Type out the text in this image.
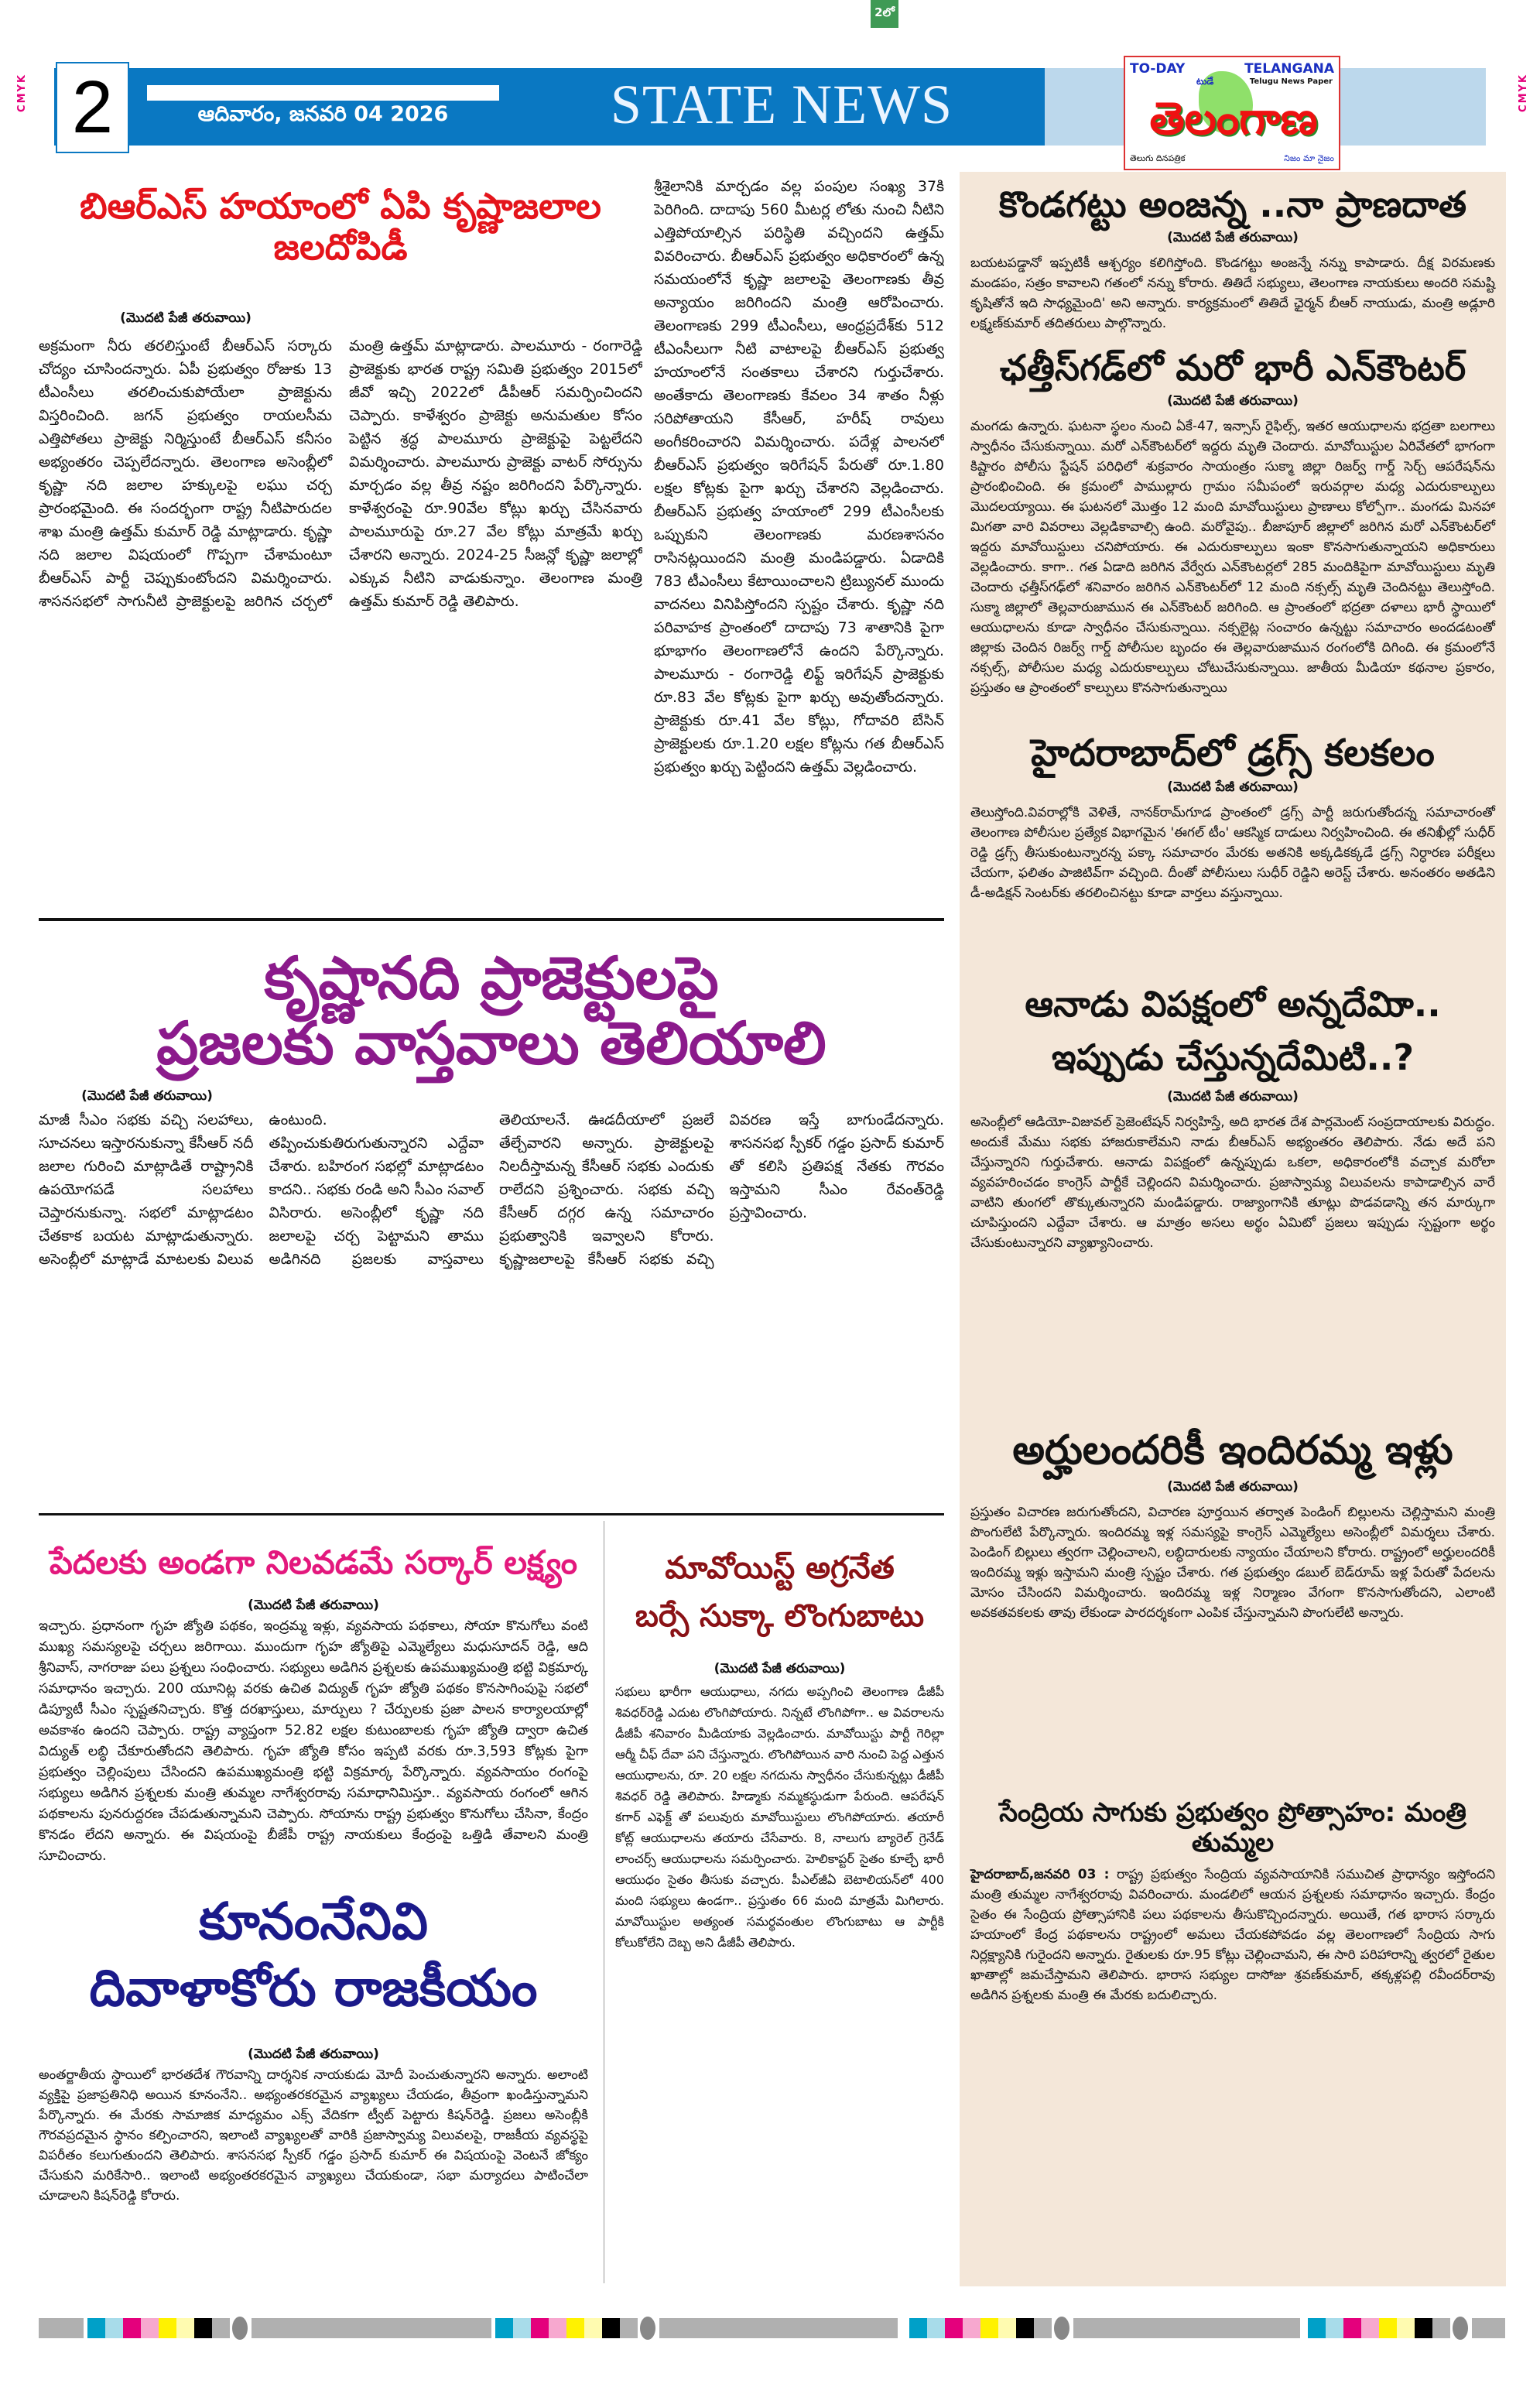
2లో
CMYK	CMYK
2	ఆదివారం, జనవరి 04 2026	STATE NEWS
TO-DAY	TELANGANA
Telugu News Paper
టుడే
తెలంగాణ
తెలుగు దినపత్రిక	నిజం మా నైజం
బిఆర్ఎస్ హయాంలో ఏపి కృష్ణాజలాల జలదోపిడీ
(మొదటి పేజీ తరువాయి)
అక్రమంగా నీరు తరలిస్తుంటే బీఆర్ఎస్ సర్కారు చోద్యం చూసిందన్నారు. ఏపీ ప్రభుత్వం రోజుకు 13 టీఎంసీలు తరలించుకుపోయేలా ప్రాజెక్టును విస్తరించింది. జగన్ ప్రభుత్వం రాయలసీమ ఎత్తిపోతలు ప్రాజెక్టు నిర్మిస్తుంటే బీఆర్ఎస్ కనీసం అభ్యంతరం చెప్పలేదన్నారు. తెలంగాణ అసెంబ్లీలో కృష్ణా నది జలాల హక్కులపై లఘు చర్చ ప్రారంభమైంది. ఈ సందర్భంగా రాష్ట్ర నీటిపారుదల శాఖ మంత్రి ఉత్తమ్ కుమార్ రెడ్డి మాట్లాడారు. కృష్ణా నది జలాల విషయంలో గొప్పగా చేశామంటూ బీఆర్ఎస్ పార్టీ చెప్పుకుంటోందని విమర్శించారు. శాసనసభలో సాగునీటి ప్రాజెక్టులపై జరిగిన చర్చలో మంత్రి ఉత్తమ్ మాట్లాడారు. పాలమూరు - రంగారెడ్డి ప్రాజెక్టుకు భారత రాష్ట్ర సమితి ప్రభుత్వం 2015లో జీవో ఇచ్చి 2022లో డీపీఆర్ సమర్పించిందని చెప్పారు. కాళేశ్వరం ప్రాజెక్టు అనుమతుల కోసం పెట్టిన శ్రద్ధ పాలమూరు ప్రాజెక్టుపై పెట్టలేదని విమర్శించారు. పాలమూరు ప్రాజెక్టు వాటర్ సోర్సును మార్చడం వల్ల తీవ్ర నష్టం జరిగిందని పేర్కొన్నారు. కాళేశ్వరంపై రూ.90వేల కోట్లు ఖర్చు చేసినవారు పాలమూరుపై రూ.27 వేల కోట్లు మాత్రమే ఖర్చు చేశారని అన్నారు. 2024-25 సీజన్లో కృష్ణా జలాల్లో ఎక్కువ నీటిని వాడుకున్నాం. తెలంగాణ మంత్రి ఉత్తమ్ కుమార్ రెడ్డి తెలిపారు.
శ్రీశైలానికి మార్చడం వల్ల పంపుల సంఖ్య 37కి పెరిగింది. దాదాపు 560 మీటర్ల లోతు నుంచి నీటిని ఎత్తిపోయాల్సిన పరిస్థితి వచ్చిందని ఉత్తమ్ వివరించారు. బీఆర్ఎస్ ప్రభుత్వం అధికారంలో ఉన్న సమయంలోనే కృష్ణా జలాలపై తెలంగాణకు తీవ్ర అన్యాయం జరిగిందని మంత్రి ఆరోపించారు. తెలంగాణకు 299 టీఎంసీలు, ఆంధ్రప్రదేశ్‌కు 512 టీఎంసీలుగా నీటి వాటాలపై బీఆర్ఎస్ ప్రభుత్వ హయాంలోనే సంతకాలు చేశారని గుర్తుచేశారు. అంతేకాదు తెలంగాణకు కేవలం 34 శాతం నీళ్లు సరిపోతాయని కేసీఆర్, హరీష్ రావులు అంగీకరించారని విమర్శించారు. పదేళ్ల పాలనలో బీఆర్ఎస్ ప్రభుత్వం ఇరిగేషన్ పేరుతో రూ.1.80 లక్షల కోట్లకు పైగా ఖర్చు చేశారని వెల్లడించారు. బీఆర్ఎస్ ప్రభుత్వ హయాంలో 299 టీఎంసీలకు ఒప్పుకుని తెలంగాణకు మరణశాసనం రాసినట్లయిందని మంత్రి మండిపడ్డారు. ఏడాదికి 783 టీఎంసీలు కేటాయించాలని ట్రిబ్యునల్ ముందు వాదనలు వినిపిస్తోందని స్పష్టం చేశారు. కృష్ణా నది పరివాహక ప్రాంతంలో దాదాపు 73 శాతానికి పైగా భూభాగం తెలంగాణలోనే ఉందని పేర్కొన్నారు. పాలమూరు - రంగారెడ్డి లిఫ్ట్ ఇరిగేషన్ ప్రాజెక్టుకు రూ.83 వేల కోట్లకు పైగా ఖర్చు అవుతోందన్నారు. ప్రాజెక్టుకు రూ.41 వేల కోట్లు, గోదావరి బేసిన్ ప్రాజెక్టులకు రూ.1.20 లక్షల కోట్లను గత బీఆర్ఎస్ ప్రభుత్వం ఖర్చు పెట్టిందని ఉత్తమ్ వెల్లడించారు.
కృష్ణానది ప్రాజెక్టులపై
ప్రజలకు వాస్తవాలు తెలియాలి
(మొదటి పేజీ తరువాయి)
మాజీ సీఎం సభకు వచ్చి సలహాలు, సూచనలు ఇస్తారనుకున్నా కేసీఆర్ నదీ జలాల గురించి మాట్లాడితే రాష్ట్రానికి ఉపయోగపడే సలహాలు చెప్తారనుకున్నా. సభలో మాట్లాడటం చేతకాక బయట మాట్లాడుతున్నారు. అసెంబ్లీలో మాట్లాడే మాటలకు విలువ ఉంటుంది. తప్పించుకుతిరుగుతున్నారని ఎద్దేవా చేశారు. బహిరంగ సభల్లో మాట్లాడటం కాదని.. సభకు రండి అని సీఎం సవాల్ విసిరారు. అసెంబ్లీలో కృష్ణా నది జలాలపై చర్చ పెట్టామని తాము అడిగినది ప్రజలకు వాస్తవాలు తెలియాలనే. ఊడదీయాలో ప్రజలే తేల్చేవారని అన్నారు. ప్రాజెక్టులపై నిలదీస్తామన్న కేసీఆర్ సభకు ఎందుకు రాలేదని ప్రశ్నించారు. సభకు వచ్చి కేసీఆర్ దగ్గర ఉన్న సమాచారం ప్రభుత్వానికి ఇవ్వాలని కోరారు. కృష్ణాజలాలపై కేసీఆర్ సభకు వచ్చి వివరణ ఇస్తే బాగుండేదన్నారు. శాసనసభ స్పీకర్ గడ్డం ప్రసాద్ కుమార్ తో కలిసి ప్రతిపక్ష నేతకు గౌరవం ఇస్తామని సీఎం రేవంత్‌రెడ్డి ప్రస్తావించారు.
పేదలకు అండగా నిలవడమే సర్కార్ లక్ష్యం
(మొదటి పేజీ తరువాయి)
ఇచ్చారు. ప్రధానంగా గృహ జ్యోతి పథకం, ఇంద్రమ్మ ఇళ్లు, వ్యవసాయ పథకాలు, సోయా కొనుగోలు వంటి ముఖ్య సమస్యలపై చర్చలు జరిగాయి. ముందుగా గృహ జ్యోతిపై ఎమ్మెల్యేలు మధుసూదన్ రెడ్డి, ఆది శ్రీనివాస్, నాగరాజు పలు ప్రశ్నలు సంధించారు. సభ్యులు అడిగిన ప్రశ్నలకు ఉపముఖ్యమంత్రి భట్టి విక్రమార్క సమాధానం ఇచ్చారు. 200 యూనిట్ల వరకు ఉచిత విద్యుత్ గృహ జ్యోతి పథకం కొనసాగింపుపై సభలో డిప్యూటీ సీఎం స్పష్టతనిచ్చారు. కొత్త దరఖాస్తులు, మార్పులు ? చేర్పులకు ప్రజా పాలన కార్యాలయాల్లో అవకాశం ఉందని చెప్పారు. రాష్ట్ర వ్యాప్తంగా 52.82 లక్షల కుటుంబాలకు గృహ జ్యోతి ద్వారా ఉచిత విద్యుత్ లబ్ధి చేకూరుతోందని తెలిపారు. గృహ జ్యోతి కోసం ఇప్పటి వరకు రూ.3,593 కోట్లకు పైగా ప్రభుత్వం చెల్లింపులు చేసిందని ఉపముఖ్యమంత్రి భట్టి విక్రమార్క పేర్కొన్నారు. వ్యవసాయం రంగంపై సభ్యులు అడిగిన ప్రశ్నలకు మంత్రి తుమ్మల నాగేశ్వరరావు సమాధానిమిస్తూ.. వ్యవసాయ రంగంలో ఆగిన పథకాలను పునరుద్దరణ చేపడుతున్నామని చెప్పారు. సోయాను రాష్ట్ర ప్రభుత్వం కొనుగోలు చేసినా, కేంద్రం కొనడం లేదని అన్నారు. ఈ విషయంపై బీజేపీ రాష్ట్ర నాయకులు కేంద్రంపై ఒత్తిడి తేవాలని మంత్రి సూచించారు.
కూనంనేనివి
దివాళాకోరు రాజకీయం
(మొదటి పేజీ తరువాయి)
అంతర్జాతీయ స్థాయిలో భారతదేశ గౌరవాన్ని దార్శనిక నాయకుడు మోదీ పెంచుతున్నారని అన్నారు. అలాంటి వ్యక్తిపై ప్రజాప్రతినిధి అయిన కూనంనేని.. అభ్యంతరకరమైన వ్యాఖ్యలు చేయడం, తీవ్రంగా ఖండిస్తున్నామని పేర్కొన్నారు. ఈ మేరకు సామాజిక మాధ్యమం ఎక్స్ వేదికగా ట్వీట్ పెట్టారు కిషన్‌రెడ్డి. ప్రజలు అసెంబ్లీకి గౌరవప్రదమైన స్థానం కల్పించారని, ఇలాంటి వ్యాఖ్యలతో వారికి ప్రజాస్వామ్య విలువలపై, రాజకీయ వ్యవస్థపై విపరీతం కలుగుతుందని తెలిపారు. శాసనసభ స్పీకర్ గడ్డం ప్రసాద్ కుమార్ ఈ విషయంపై వెంటనే జోక్యం చేసుకుని మరికేసారి.. ఇలాంటి అభ్యంతరకరమైన వ్యాఖ్యలు చేయకుండా, సభా మర్యాదలు పాటించేలా చూడాలని కిషన్‌రెడ్డి కోరారు.
మావోయిస్ట్ అగ్రనేత
బర్సే సుక్కా లొంగుబాటు
(మొదటి పేజీ తరువాయి)
సభులు భారీగా ఆయుధాలు, నగదు అప్పగించి తెలంగాణ డీజీపీ శివధర్‌రెడ్డి ఎదుట లొంగిపోయారు. నిన్నటే లొంగిపోగా.. ఆ వివరాలను డీజీపీ శనివారం మీడియాకు వెల్లడించారు. మావోయిస్టు పార్టీ గెరిల్లా ఆర్మీ చీఫ్ దేవా పని చేస్తున్నారు. లొంగిపోయిన వారి నుంచి పెద్ద ఎత్తున ఆయుధాలను, రూ. 20 లక్షల నగదును స్వాధీనం చేసుకున్నట్లు డీజీపీ శివధర్ రెడ్డి తెలిపారు. హిడ్మాకు నమ్మకస్థుడుగా పేరుంది. ఆపరేషన్ కగార్ ఎఫెక్ట్ తో పలువురు మావోయిస్టులు లొంగిపోయారు. తయారీ కోట్ల్ ఆయుధాలను తయారు చేసేవారు. 8, నాలుగు బ్యారెల్ గ్రెనేడ్ లాంచర్స్ ఆయుధాలను సమర్పించారు. హెలికాప్టర్ సైతం కూల్చే భారీ ఆయుధం సైతం తీసుకు వచ్చారు. పీఎల్‌జీఏ బెటాలియన్‌లో 400 మంది సభ్యులు ఉండగా.. ప్రస్తుతం 66 మంది మాత్రమే మిగిలారు. మావోయిస్టుల అత్యంత సమర్థవంతుల లొంగుబాటు ఆ పార్టీకి కోలుకోలేని దెబ్బ అని డీజీపీ తెలిపారు.
కొండగట్టు అంజన్న ..నా ప్రాణదాత
(మొదటి పేజీ తరువాయి)
బయటపడ్డానో ఇప్పటికీ ఆశ్చర్యం కలిగిస్తోంది. కొండగట్టు అంజన్నే నన్ను కాపాడారు. దీక్ష విరమణకు మండపం, సత్రం కావాలని గతంలో నన్ను కోరారు. తితిదే సభ్యులు, తెలంగాణ నాయకులు అందరి సమష్టి కృషితోనే ఇది సాధ్యమైంది' అని అన్నారు. కార్యక్రమంలో తితిదే ఛైర్మన్ బీఆర్ నాయుడు, మంత్రి అడ్లూరి లక్ష్మణ్‌కుమార్ తదితరులు పాల్గొన్నారు.
ఛత్తీస్‌గడ్‌లో మరో భారీ ఎన్‌కౌంటర్
(మొదటి పేజీ తరువాయి)
మంగడు ఉన్నారు. ఘటనా స్థలం నుంచి ఏకే-47, ఇన్సాస్ రైఫిల్స్, ఇతర ఆయుధాలను భద్రతా బలగాలు స్వాధీనం చేసుకున్నాయి. మరో ఎన్‌కౌంటర్‌లో ఇద్దరు మృతి చెందారు. మావోయిస్టుల ఏరివేతలో భాగంగా కిష్టారం పోలీసు స్టేషన్ పరిధిలో శుక్రవారం సాయంత్రం సుక్మా జిల్లా రిజర్వ్ గార్డ్ సెర్చ్ ఆపరేషన్‌ను ప్రారంభించింది. ఈ క్రమంలో పాముల్లారు గ్రామం సమీపంలో ఇరువర్గాల మధ్య ఎదురుకాల్పులు మొదలయ్యాయి. ఈ ఘటనలో మొత్తం 12 మంది మావోయిస్టులు ప్రాణాలు కోల్పోగా.. మంగడు మినహా మిగతా వారి వివరాలు వెల్లడికావాల్సి ఉంది. మరోవైపు.. బీజాపూర్ జిల్లాలో జరిగిన మరో ఎన్‌కౌంటర్‌లో ఇద్దరు మావోయిస్టులు చనిపోయారు. ఈ ఎదురుకాల్పులు ఇంకా కొనసాగుతున్నాయని అధికారులు వెల్లడించారు. కాగా.. గత ఏడాది జరిగిన వేర్వేరు ఎన్‌కౌంటర్లలో 285 మందికిపైగా మావోయిస్టులు మృతి చెందారు ఛత్తీస్‌గఢ్‌లో శనివారం జరిగిన ఎన్‌కౌంటర్‌లో 12 మంది నక్సల్స్ మృతి చెందినట్టు తెలుస్తోంది. సుక్మా జిల్లాలో తెల్లవారుజామున ఈ ఎన్‌కౌంటర్ జరిగింది. ఆ ప్రాంతంలో భద్రతా దళాలు భారీ స్థాయిలో ఆయుధాలను కూడా స్వాధీనం చేసుకున్నాయి. నక్సలైట్ల సంచారం ఉన్నట్టు సమాచారం అందడటంతో జిల్లాకు చెందిన రిజర్వ్ గార్డ్ పోలీసుల బృందం ఈ తెల్లవారుజామున రంగంలోకి దిగింది. ఈ క్రమంలోనే నక్సల్స్, పోలీసుల మధ్య ఎదురుకాల్పులు చోటుచేసుకున్నాయి. జాతీయ మీడియా కథనాల ప్రకారం, ప్రస్తుతం ఆ ప్రాంతంలో కాల్పులు కొనసాగుతున్నాయి
హైదరాబాద్‌లో డ్రగ్స్ కలకలం
(మొదటి పేజీ తరువాయి)
తెలుస్తోంది.వివరాల్లోకి వెళితే, నానక్‌రామ్‌గూడ ప్రాంతంలో డ్రగ్స్ పార్టీ జరుగుతోందన్న సమాచారంతో తెలంగాణ పోలీసుల ప్రత్యేక విభాగమైన 'ఈగల్ టీం' ఆకస్మిక దాడులు నిర్వహించింది. ఈ తనిఖీల్లో సుధీర్ రెడ్డి డ్రగ్స్ తీసుకుంటున్నారన్న పక్కా సమాచారం మేరకు అతనికి అక్కడికక్కడే డ్రగ్స్ నిర్ధారణ పరీక్షలు చేయగా, ఫలితం పాజిటివ్‌గా వచ్చింది. దీంతో పోలీసులు సుధీర్ రెడ్డిని అరెస్ట్ చేశారు. అనంతరం అతడిని డీ-అడిక్షన్ సెంటర్‌కు తరలించినట్టు కూడా వార్తలు వస్తున్నాయి.
ఆనాడు విపక్షంలో అన్నదేమిా..
ఇప్పుడు చేస్తున్నదేమిటి..?
(మొదటి పేజీ తరువాయి)
అసెంబ్లీలో ఆడియో-విజువల్ ప్రెజెంటేషన్ నిర్వహిస్తే, అది భారత దేశ పార్లమెంట్ సంప్రదాయాలకు విరుద్ధం. అందుకే మేము సభకు హాజరుకాలేమని నాడు బీఆర్ఎస్ అభ్యంతరం తెలిపారు. నేడు అదే పని చేస్తున్నారని గుర్తుచేశారు. ఆనాడు విపక్షంలో ఉన్నప్పుడు ఒకలా, అధికారంలోకి వచ్చాక మరోలా వ్యవహరించడం కాంగ్రెస్ పార్టీకే చెల్లిందని విమర్శించారు. ప్రజాస్వామ్య విలువలను కాపాడాల్సిన వారే వాటిని తుంగలో తొక్కుతున్నారని మండిపడ్డారు. రాజ్యాంగానికి తూట్లు పొడవడాన్ని తన మార్కుగా చూపిస్తుందని ఎద్దేవా చేశారు. ఆ మాత్రం అసలు అర్థం ఏమిటో ప్రజలు ఇప్పుడు స్పష్టంగా అర్థం చేసుకుంటున్నారని వ్యాఖ్యానించారు.
అర్హులందరికీ ఇందిరమ్మ ఇళ్లు
(మొదటి పేజీ తరువాయి)
ప్రస్తుతం విచారణ జరుగుతోందని, విచారణ పూర్తయిన తర్వాత పెండింగ్ బిల్లులను చెల్లిస్తామని మంత్రి పొంగులేటి పేర్కొన్నారు. ఇందిరమ్మ ఇళ్ల సమస్యపై కాంగ్రెస్ ఎమ్మెల్యేలు అసెంబ్లీలో విమర్శలు చేశారు. పెండింగ్ బిల్లులు త్వరగా చెల్లించాలని, లబ్ధిదారులకు న్యాయం చేయాలని కోరారు. రాష్ట్రంలో అర్హులందరికీ ఇందిరమ్మ ఇళ్లు ఇస్తామని మంత్రి స్పష్టం చేశారు. గత ప్రభుత్వం డబుల్ బెడ్‌రూమ్ ఇళ్ల పేరుతో పేదలను మోసం చేసిందని విమర్శించారు. ఇందిరమ్మ ఇళ్ల నిర్మాణం వేగంగా కొనసాగుతోందని, ఎలాంటి అవకతవకలకు తావు లేకుండా పారదర్శకంగా ఎంపిక చేస్తున్నామని పొంగులేటి అన్నారు.
సేంద్రియ సాగుకు ప్రభుత్వం ప్రోత్సాహం: మంత్రి తుమ్మల
హైదరాబాద్,జనవరి 03 : రాష్ట్ర ప్రభుత్వం సేంద్రియ వ్యవసాయానికి సముచిత ప్రాధాన్యం ఇస్తోందని మంత్రి తుమ్మల నాగేశ్వరరావు వివరించారు. మండలిలో ఆయన ప్రశ్నలకు సమాధానం ఇచ్చారు. కేంద్రం సైతం ఈ సేంద్రియ ప్రోత్సాహానికి పలు పథకాలను తీసుకొచ్చిందన్నారు. అయితే, గత భారాస సర్కారు హయాంలో కేంద్ర పథకాలను రాష్ట్రంలో అమలు చేయకపోవడం వల్ల తెలంగాణలో సేంద్రియ సాగు నిర్లక్ష్యానికి గురైందని అన్నారు. రైతులకు రూ.95 కోట్లు చెల్లించామని, ఈ సారి పరిహారాన్ని త్వరలో రైతుల ఖాతాల్లో జమచేస్తామని తెలిపారు. భారాస సభ్యుల దాసోజు శ్రవణ్‌కుమార్, తక్కళ్లపల్లి రవీందర్‌రావు అడిగిన ప్రశ్నలకు మంత్రి ఈ మేరకు బదులిచ్చారు.
